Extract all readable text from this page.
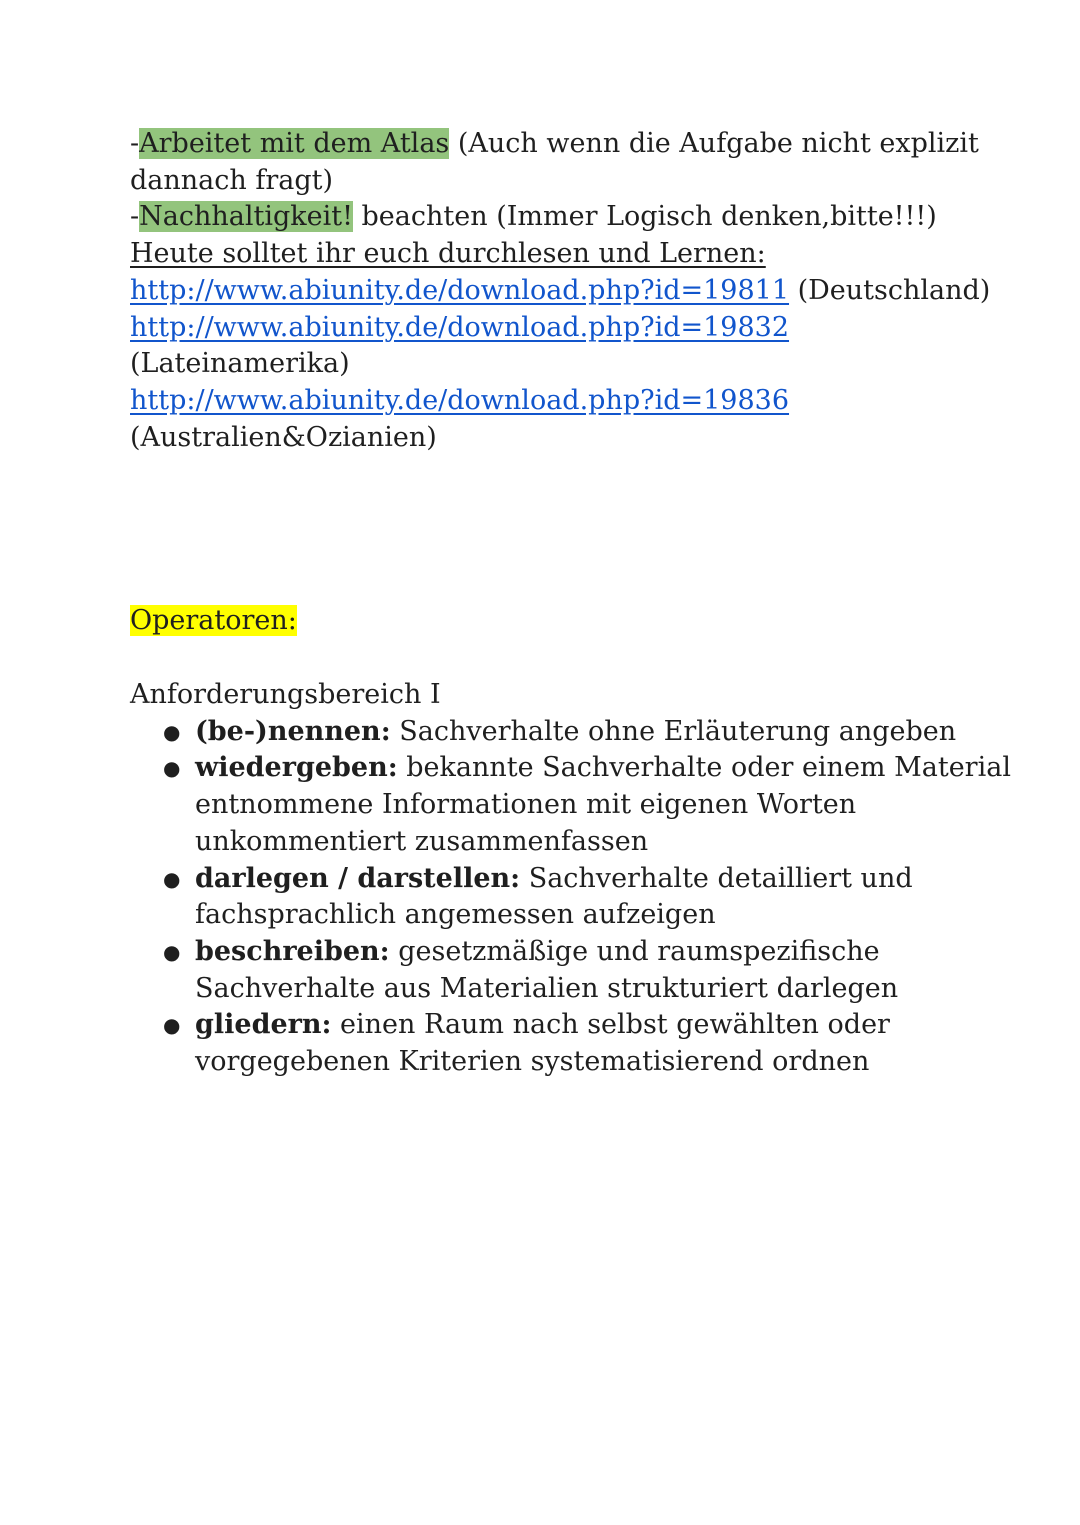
-Arbeitet mit dem Atlas (Auch wenn die Aufgabe nicht explizit
dannach fragt)
-Nachhaltigkeit! beachten (Immer Logisch denken,bitte!!!)
Heute solltet ihr euch durchlesen und Lernen:
http://www.abiunity.de/download.php?id=19811 (Deutschland)
http://www.abiunity.de/download.php?id=19832
(Lateinamerika)
http://www.abiunity.de/download.php?id=19836
(Australien&Ozianien)
Operatoren:
Anforderungsbereich I
● (be-)nennen: Sachverhalte ohne Erläuterung angeben
● wiedergeben: bekannte Sachverhalte oder einem Material
entnommene Informationen mit eigenen Worten
unkommentiert zusammenfassen
● darlegen / darstellen: Sachverhalte detailliert und
fachsprachlich angemessen aufzeigen
● beschreiben: gesetzmäßige und raumspezifische
Sachverhalte aus Materialien strukturiert darlegen
● gliedern: einen Raum nach selbst gewählten oder
vorgegebenen Kriterien systematisierend ordnen
